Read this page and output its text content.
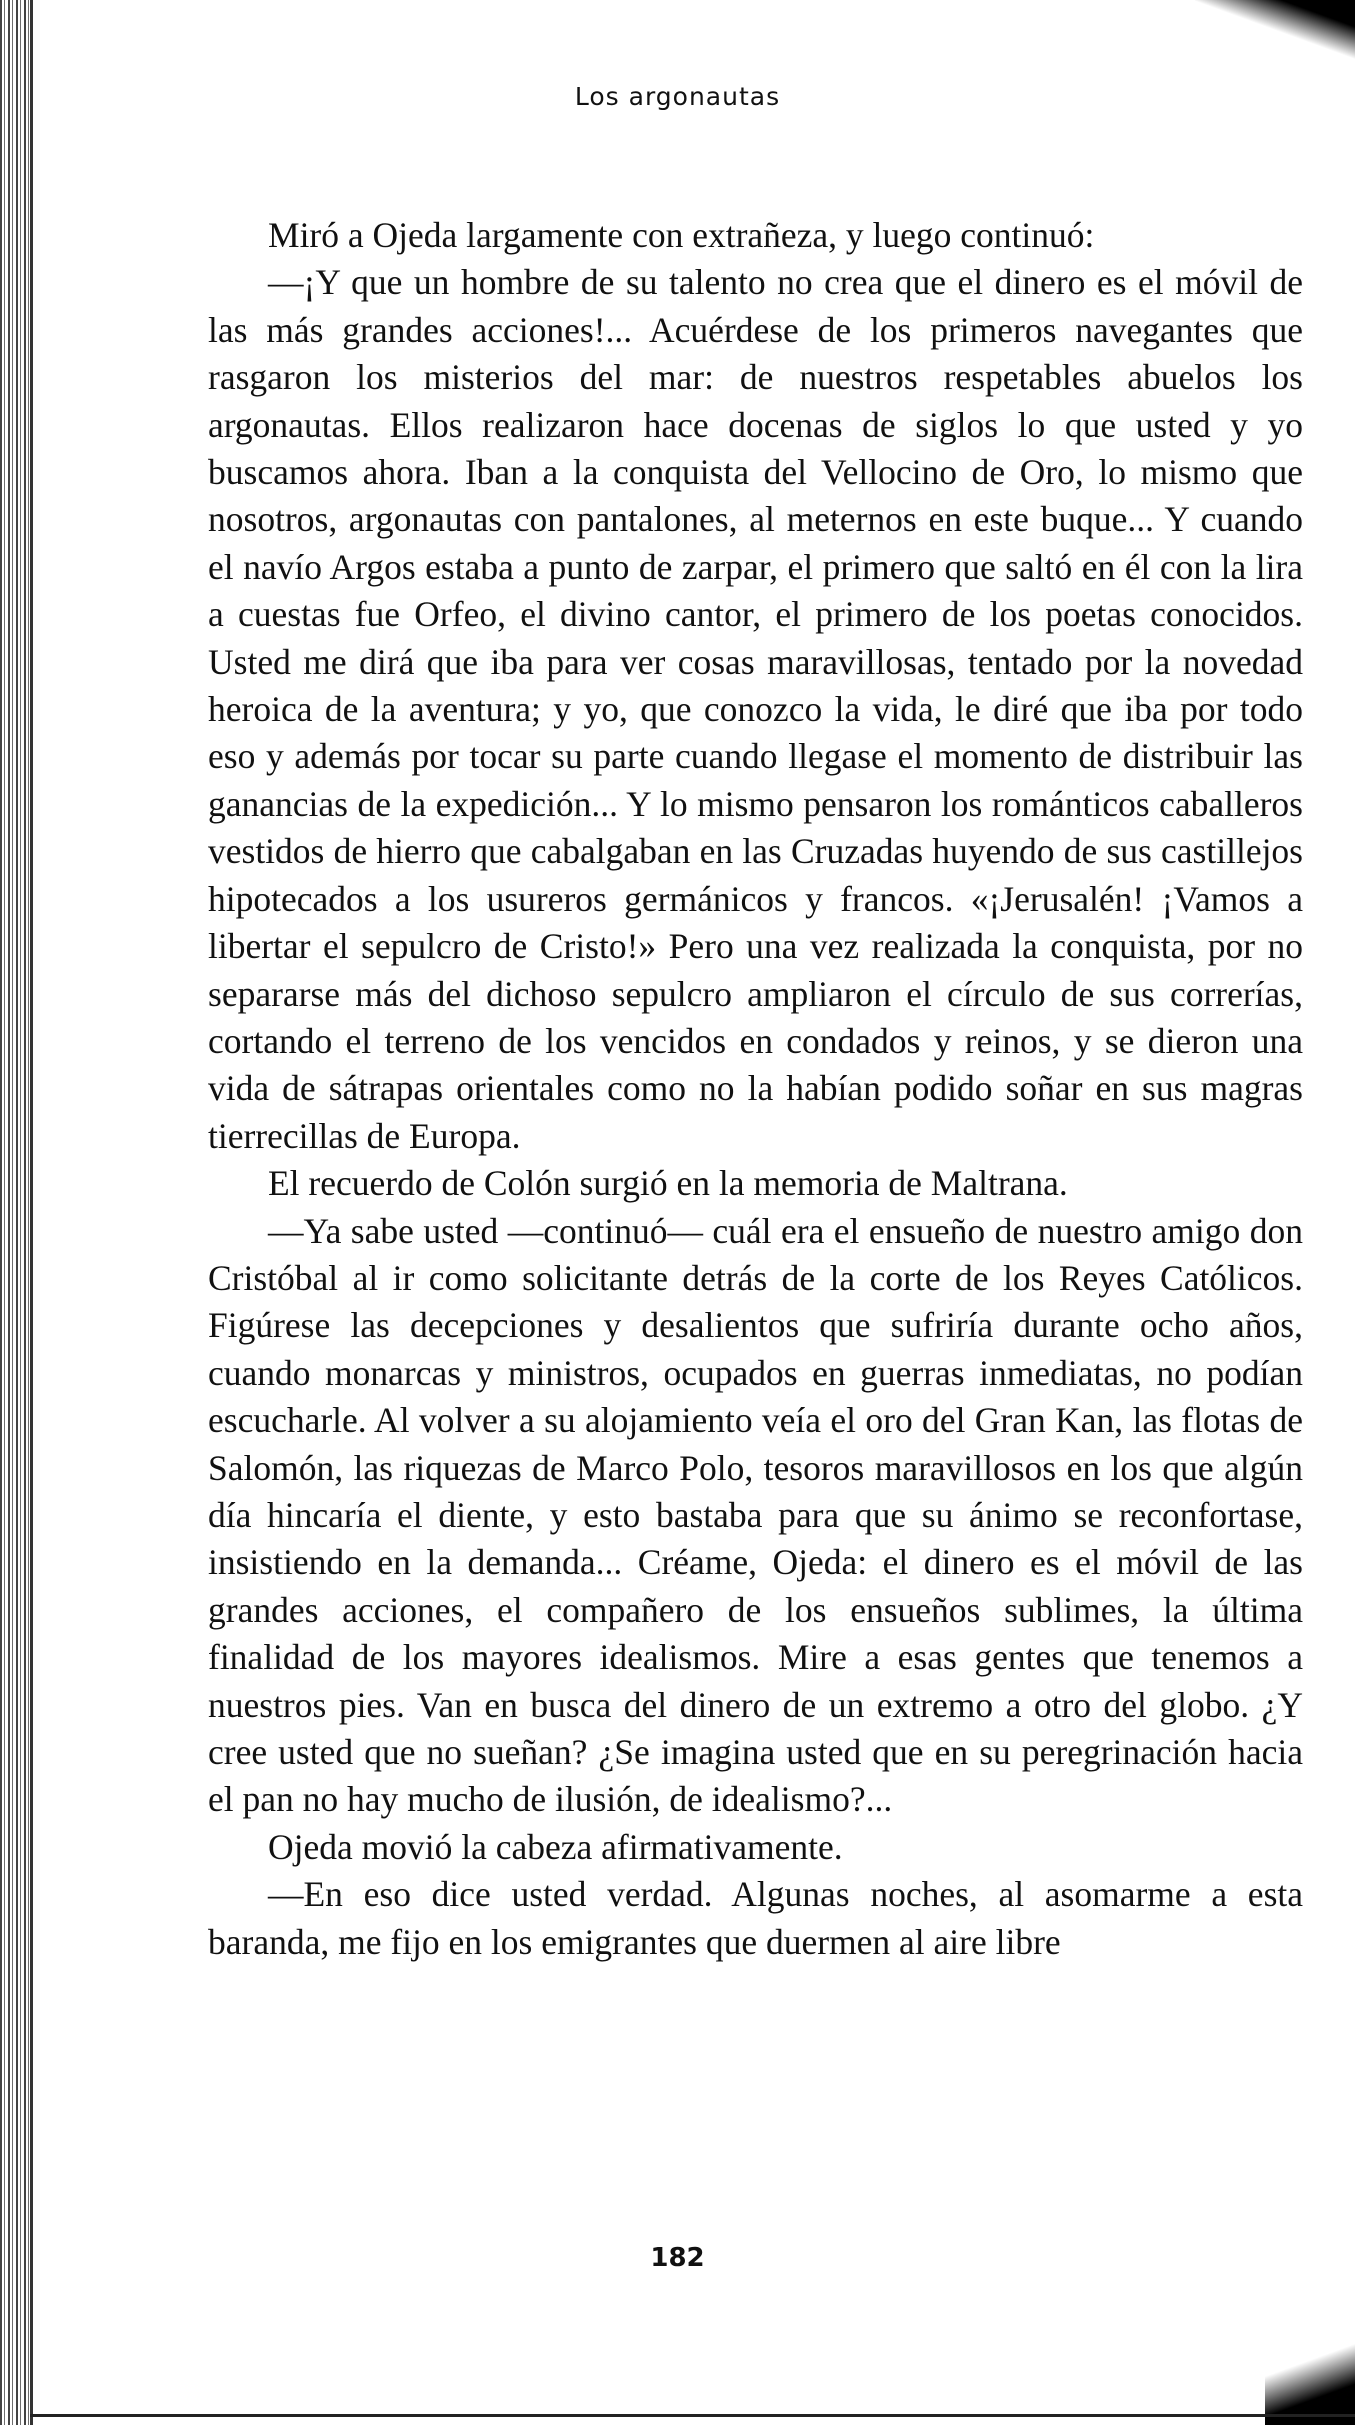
Los argonautas

Miró a Ojeda largamente con extrañeza, y luego continuó:

—¡Y que un hombre de su talento no crea que el dinero es el móvil de las más grandes acciones!... Acuérdese de los primeros navegantes que rasgaron los misterios del mar: de nuestros respetables abuelos los argonautas. Ellos realizaron hace docenas de siglos lo que usted y yo buscamos ahora. Iban a la conquista del Vellocino de Oro, lo mismo que nosotros, argonautas con pantalones, al meternos en este buque... Y cuando el navío Argos estaba a punto de zarpar, el primero que saltó en él con la lira a cuestas fue Orfeo, el divino cantor, el primero de los poetas conocidos. Usted me dirá que iba para ver cosas maravillosas, tentado por la novedad heroica de la aventura; y yo, que conozco la vida, le diré que iba por todo eso y además por tocar su parte cuando llegase el momento de distribuir las ganancias de la expedición... Y lo mismo pensaron los románticos caballeros vestidos de hierro que cabalgaban en las Cruzadas huyendo de sus castillejos hipotecados a los usureros germánicos y francos. «¡Jerusalén! ¡Vamos a libertar el sepulcro de Cristo!» Pero una vez realizada la conquista, por no separarse más del dichoso sepulcro ampliaron el círculo de sus correrías, cortando el terreno de los vencidos en condados y reinos, y se dieron una vida de sátrapas orientales como no la habían podido soñar en sus magras tierrecillas de Europa.

El recuerdo de Colón surgió en la memoria de Maltrana.

—Ya sabe usted —continuó— cuál era el ensueño de nuestro amigo don Cristóbal al ir como solicitante detrás de la corte de los Reyes Católicos. Figúrese las decepciones y desalientos que sufriría durante ocho años, cuando monarcas y ministros, ocupados en guerras inmediatas, no podían escucharle. Al volver a su alojamiento veía el oro del Gran Kan, las flotas de Salomón, las riquezas de Marco Polo, tesoros maravillosos en los que algún día hincaría el diente, y esto bastaba para que su ánimo se reconfortase, insistiendo en la demanda... Créame, Ojeda: el dinero es el móvil de las grandes acciones, el compañero de los ensueños sublimes, la última finalidad de los mayores idealismos. Mire a esas gentes que tenemos a nuestros pies. Van en busca del dinero de un extremo a otro del globo. ¿Y cree usted que no sueñan? ¿Se imagina usted que en su peregrinación hacia el pan no hay mucho de ilusión, de idealismo?...

Ojeda movió la cabeza afirmativamente.

—En eso dice usted verdad. Algunas noches, al asomarme a esta baranda, me fijo en los emigrantes que duermen al aire libre

182
